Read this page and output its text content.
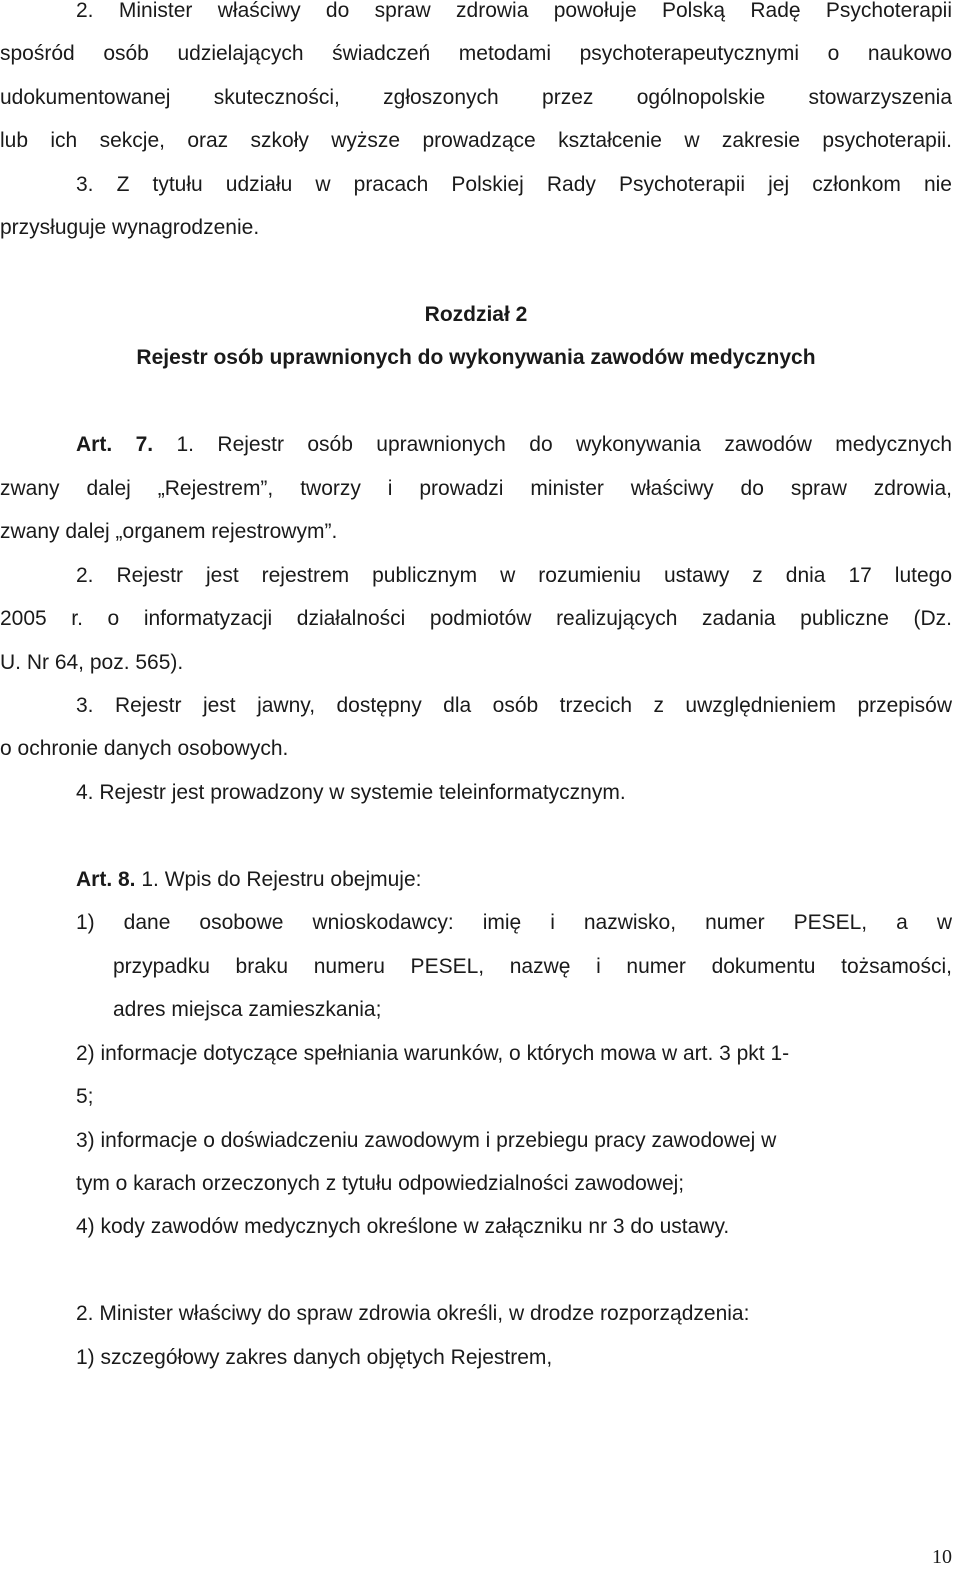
2. Minister właściwy do spraw zdrowia powołuje Polską Radę Psychoterapii
spośród osób udzielających świadczeń metodami psychoterapeutycznymi o naukowo
udokumentowanej skuteczności, zgłoszonych przez ogólnopolskie stowarzyszenia
lub ich sekcje, oraz szkoły wyższe prowadzące kształcenie w zakresie psychoterapii.
3. Z tytułu udziału w pracach Polskiej Rady Psychoterapii jej członkom nie
przysługuje wynagrodzenie.
Rozdział 2
Rejestr osób uprawnionych do wykonywania zawodów medycznych
Art. 7. 1. Rejestr osób uprawnionych do wykonywania zawodów medycznych
zwany dalej „Rejestrem”, tworzy i prowadzi minister właściwy do spraw zdrowia,
zwany dalej „organem rejestrowym”.
2. Rejestr jest rejestrem publicznym w rozumieniu ustawy z dnia 17 lutego
2005 r. o informatyzacji działalności podmiotów realizujących zadania publiczne (Dz.
U. Nr 64, poz. 565).
3. Rejestr jest jawny, dostępny dla osób trzecich z uwzględnieniem przepisów
o ochronie danych osobowych.
4. Rejestr jest prowadzony w systemie teleinformatycznym.
Art. 8. 1. Wpis do Rejestru obejmuje:
1) dane osobowe wnioskodawcy: imię i nazwisko, numer PESEL, a w
przypadku braku numeru PESEL, nazwę i numer dokumentu tożsamości,
adres miejsca zamieszkania;
2) informacje dotyczące spełniania warunków, o których mowa w art. 3 pkt 1-
5;
3) informacje o doświadczeniu zawodowym i przebiegu pracy zawodowej w
tym o karach orzeczonych z tytułu odpowiedzialności zawodowej;
4) kody zawodów medycznych określone w załączniku nr 3 do ustawy.
2. Minister właściwy do spraw zdrowia określi, w drodze rozporządzenia:
1) szczegółowy zakres danych objętych Rejestrem,
10
